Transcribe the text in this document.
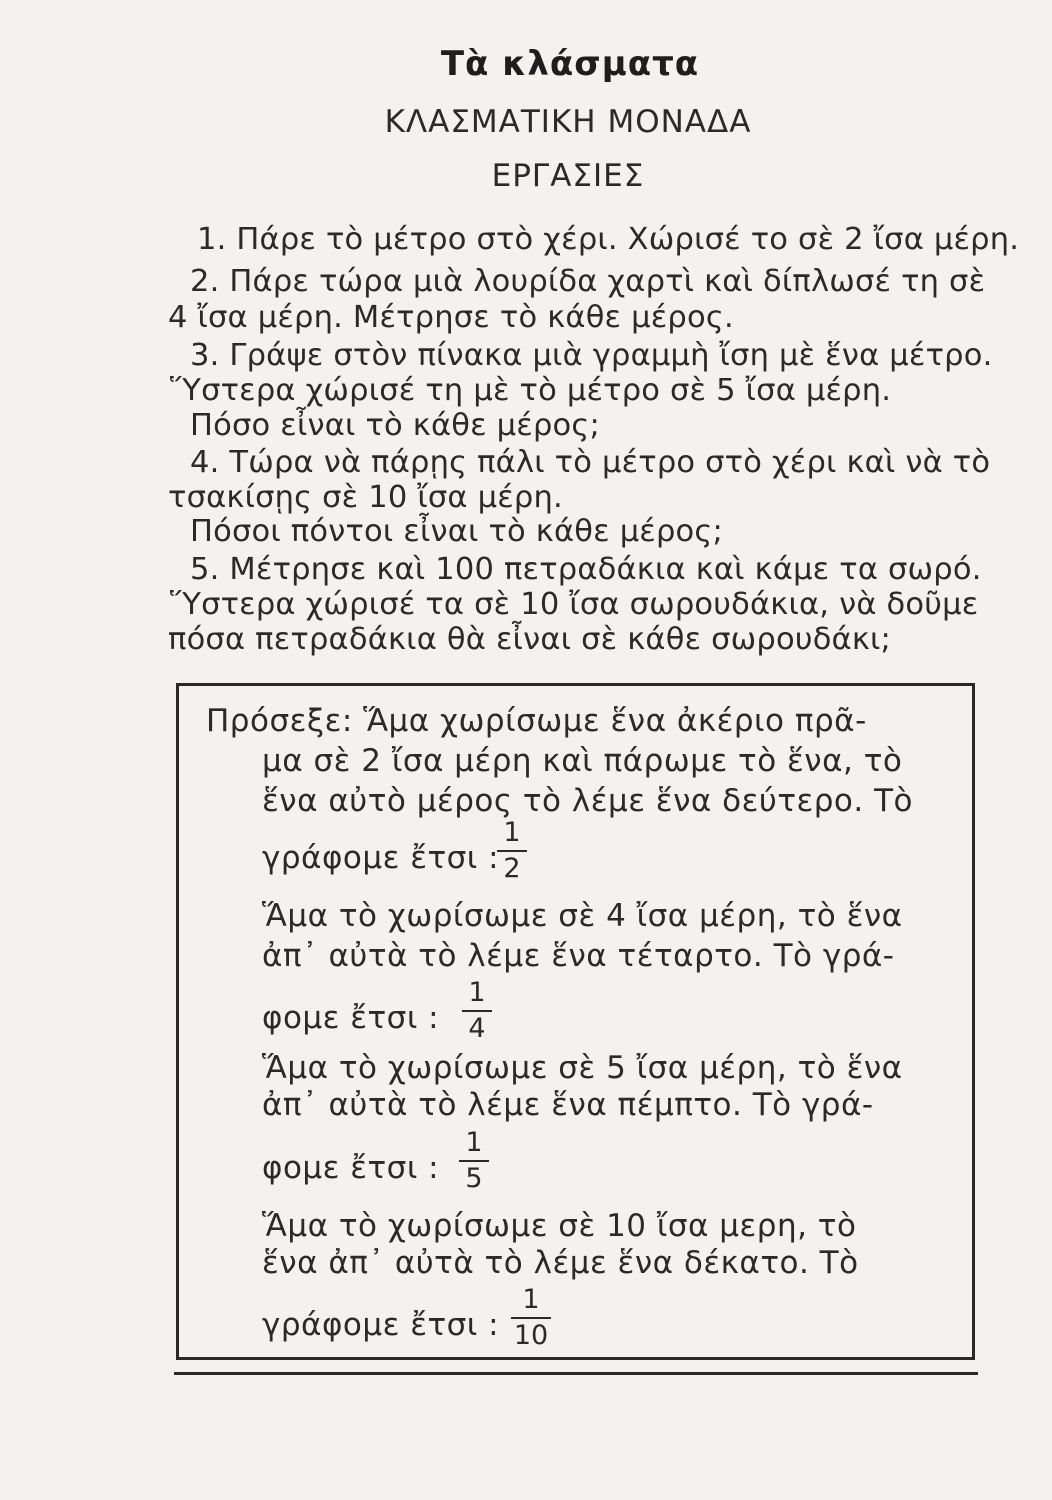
Τὰ κλάσματα
ΚΛΑΣΜΑΤΙΚΗ ΜΟΝΑΔΑ
ΕΡΓΑΣΙΕΣ
1. Πάρε τὸ μέτρο στὸ χέρι. Χώρισέ το σὲ 2 ἴσα μέρη.
2. Πάρε τώρα μιὰ λουρίδα χαρτὶ καὶ δίπλωσέ τη σὲ
4 ἴσα μέρη. Μέτρησε τὸ κάθε μέρος.
3. Γράψε στὸν πίνακα μιὰ γραμμὴ ἴση μὲ ἕνα μέτρο.
Ὕστερα χώρισέ τη μὲ τὸ μέτρο σὲ 5 ἴσα μέρη.
Πόσο εἶναι τὸ κάθε μέρος;
4. Τώρα νὰ πάρῃς πάλι τὸ μέτρο στὸ χέρι καὶ νὰ τὸ
τσακίσῃς σὲ 10 ἴσα μέρη.
Πόσοι πόντοι εἶναι τὸ κάθε μέρος;
5. Μέτρησε καὶ 100 πετραδάκια καὶ κάμε τα σωρό.
Ὕστερα χώρισέ τα σὲ 10 ἴσα σωρουδάκια, νὰ δοῦμε
πόσα πετραδάκια θὰ εἶναι σὲ κάθε σωρουδάκι;
Πρόσεξε: Ἅμα χωρίσωμε ἕνα ἀκέριο πρᾶ-
μα σὲ 2 ἴσα μέρη καὶ πάρωμε τὸ ἕνα, τὸ
ἕνα αὐτὸ μέρος τὸ λέμε ἕνα δεύτερο. Τὸ
γράφομε ἔτσι :
1
2
Ἅμα τὸ χωρίσωμε σὲ 4 ἴσα μέρη, τὸ ἕνα
ἀπ᾿ αὐτὰ τὸ λέμε ἕνα τέταρτο. Τὸ γρά-
φομε ἔτσι :
1
4
Ἅμα τὸ χωρίσωμε σὲ 5 ἴσα μέρη, τὸ ἕνα
ἀπ᾿ αὐτὰ τὸ λέμε ἕνα πέμπτο. Τὸ γρά-
φομε ἔτσι :
1
5
Ἅμα τὸ χωρίσωμε σὲ 10 ἴσα μερη, τὸ
ἕνα ἀπ᾿ αὐτὰ τὸ λέμε ἕνα δέκατο. Τὸ
γράφομε ἔτσι :
1
10
